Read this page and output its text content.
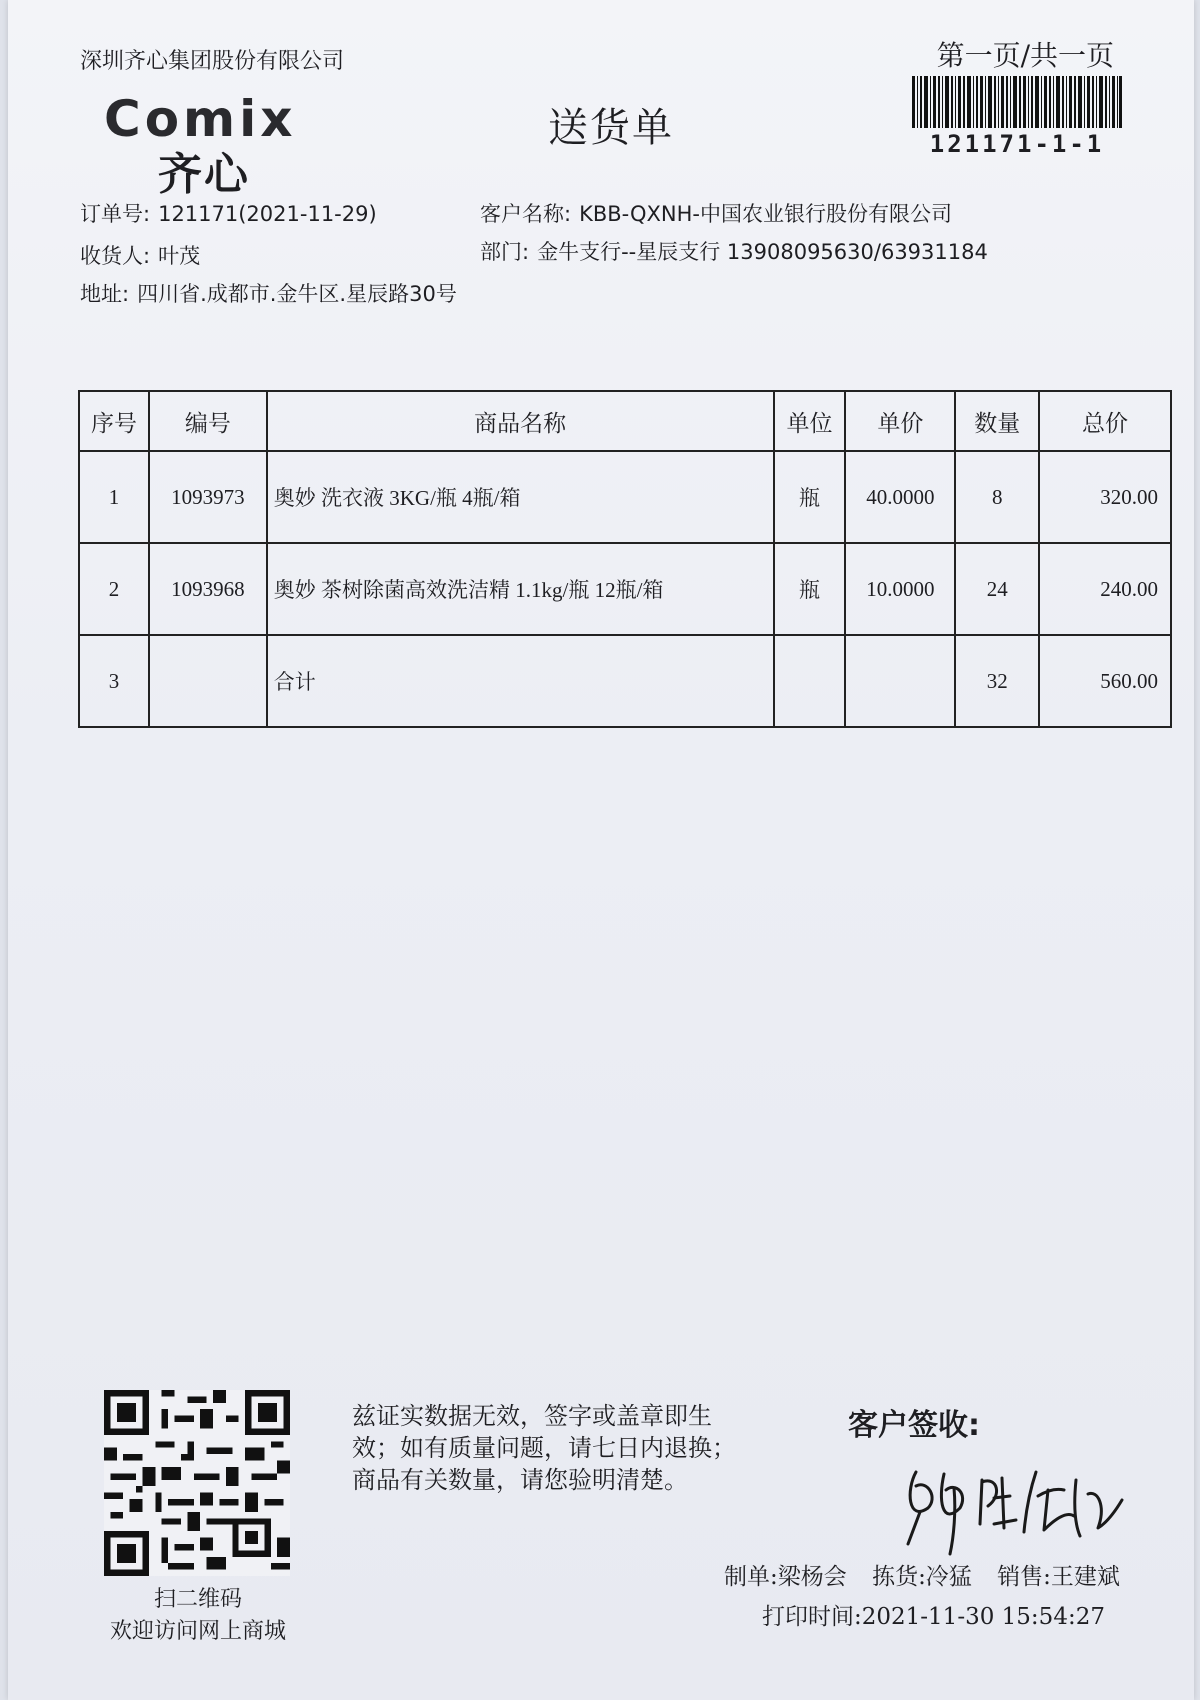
深圳齐心集团股份有限公司	第一页/共一页
121171-1-1
Comix
齐心
送货单
订单号: 121171(2021-11-29)
收货人: 叶茂
地址: 四川省.成都市.金牛区.星辰路30号
客户名称: KBB-QXNH-中国农业银行股份有限公司
部门: 金牛支行--星辰支行 13908095630/63931184
序号	编号	商品名称	单位	单价	数量	总价
1	1093973	奥妙 洗衣液 3KG/瓶 4瓶/箱	瓶	40.0000	8	320.00
2	1093968	奥妙 茶树除菌高效洗洁精 1.1kg/瓶 12瓶/箱	瓶	10.0000	24	240.00
3		合计			32	560.00
扫二维码
欢迎访问网上商城
兹证实数据无效，签字或盖章即生
效；如有质量问题，请七日内退换；
商品有关数量，请您验明清楚。
客户签收:
制单:梁杨会 拣货:冷猛 销售:王建斌
打印时间:2021-11-30 15:54:27
